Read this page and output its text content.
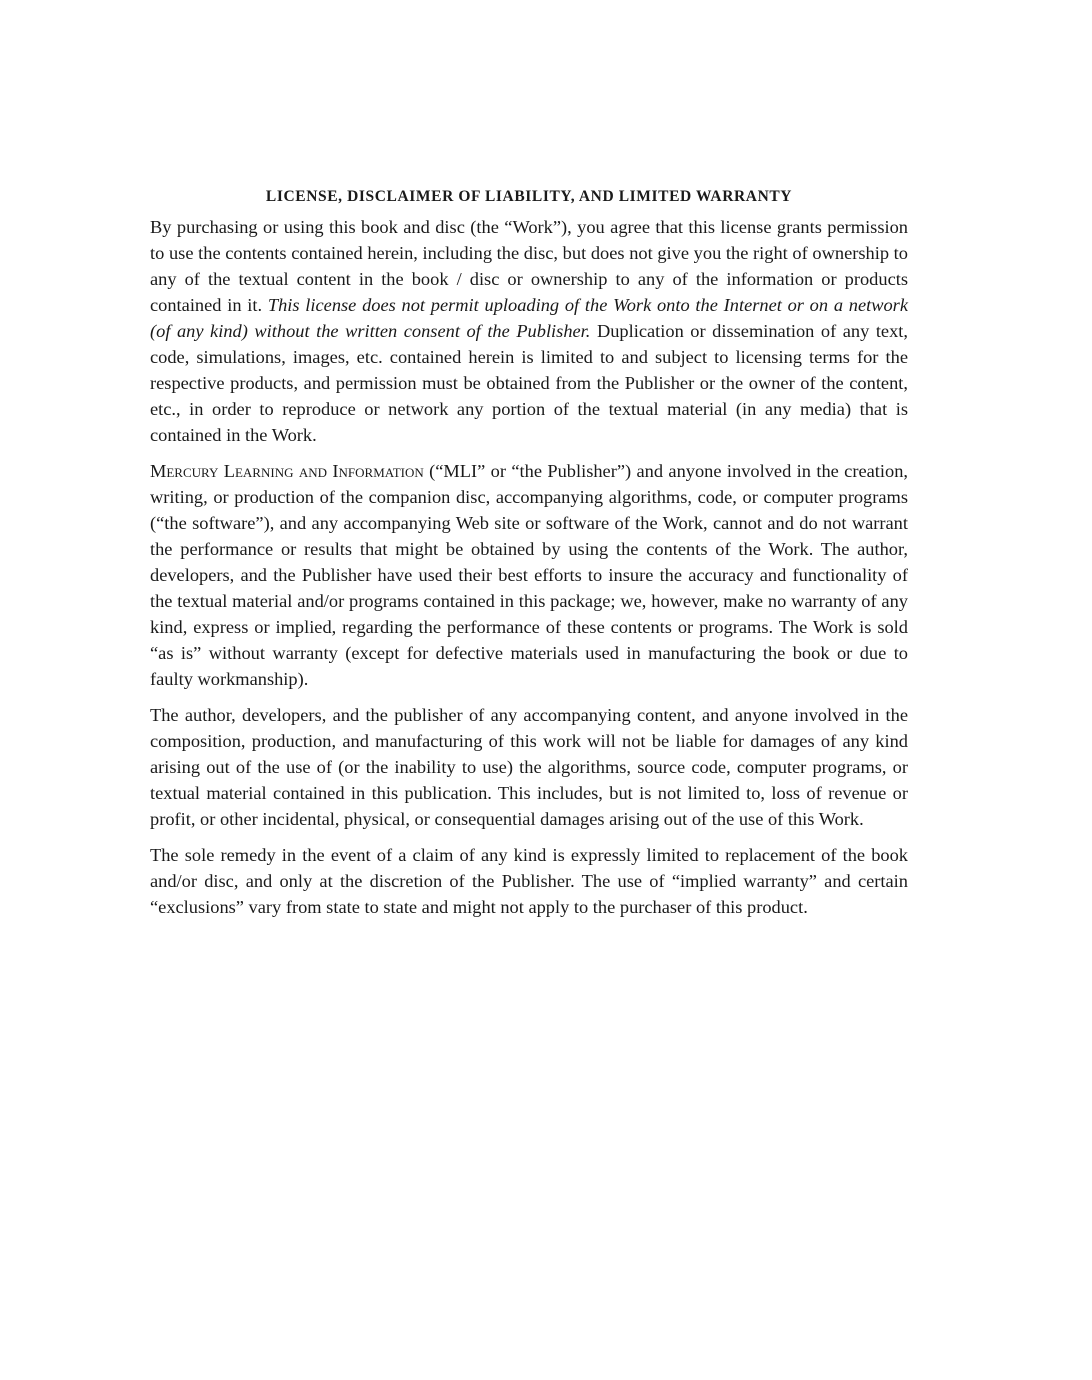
LICENSE, DISCLAIMER OF LIABILITY, AND LIMITED WARRANTY

By purchasing or using this book and disc (the “Work”), you agree that this license grants permission to use the contents contained herein, including the disc, but does not give you the right of ownership to any of the textual content in the book / disc or ownership to any of the information or products contained in it. This license does not permit uploading of the Work onto the Internet or on a network (of any kind) without the written consent of the Publisher. Duplication or dissemination of any text, code, simulations, images, etc. contained herein is limited to and subject to licensing terms for the respective products, and permission must be obtained from the Publisher or the owner of the content, etc., in order to reproduce or network any portion of the textual material (in any media) that is contained in the Work.

Mercury Learning and Information (“MLI” or “the Publisher”) and anyone involved in the creation, writing, or production of the companion disc, accompanying algorithms, code, or computer programs (“the software”), and any accompanying Web site or software of the Work, cannot and do not warrant the performance or results that might be obtained by using the contents of the Work. The author, developers, and the Publisher have used their best efforts to insure the accuracy and functionality of the textual material and/or programs contained in this package; we, however, make no warranty of any kind, express or implied, regarding the performance of these contents or programs. The Work is sold “as is” without warranty (except for defective materials used in manufacturing the book or due to faulty workmanship).

The author, developers, and the publisher of any accompanying content, and anyone involved in the composition, production, and manufacturing of this work will not be liable for damages of any kind arising out of the use of (or the inability to use) the algorithms, source code, computer programs, or textual material contained in this publication. This includes, but is not limited to, loss of revenue or profit, or other incidental, physical, or consequential damages arising out of the use of this Work.

The sole remedy in the event of a claim of any kind is expressly limited to replacement of the book and/or disc, and only at the discretion of the Publisher. The use of “implied warranty” and certain “exclusions” vary from state to state and might not apply to the purchaser of this product.
